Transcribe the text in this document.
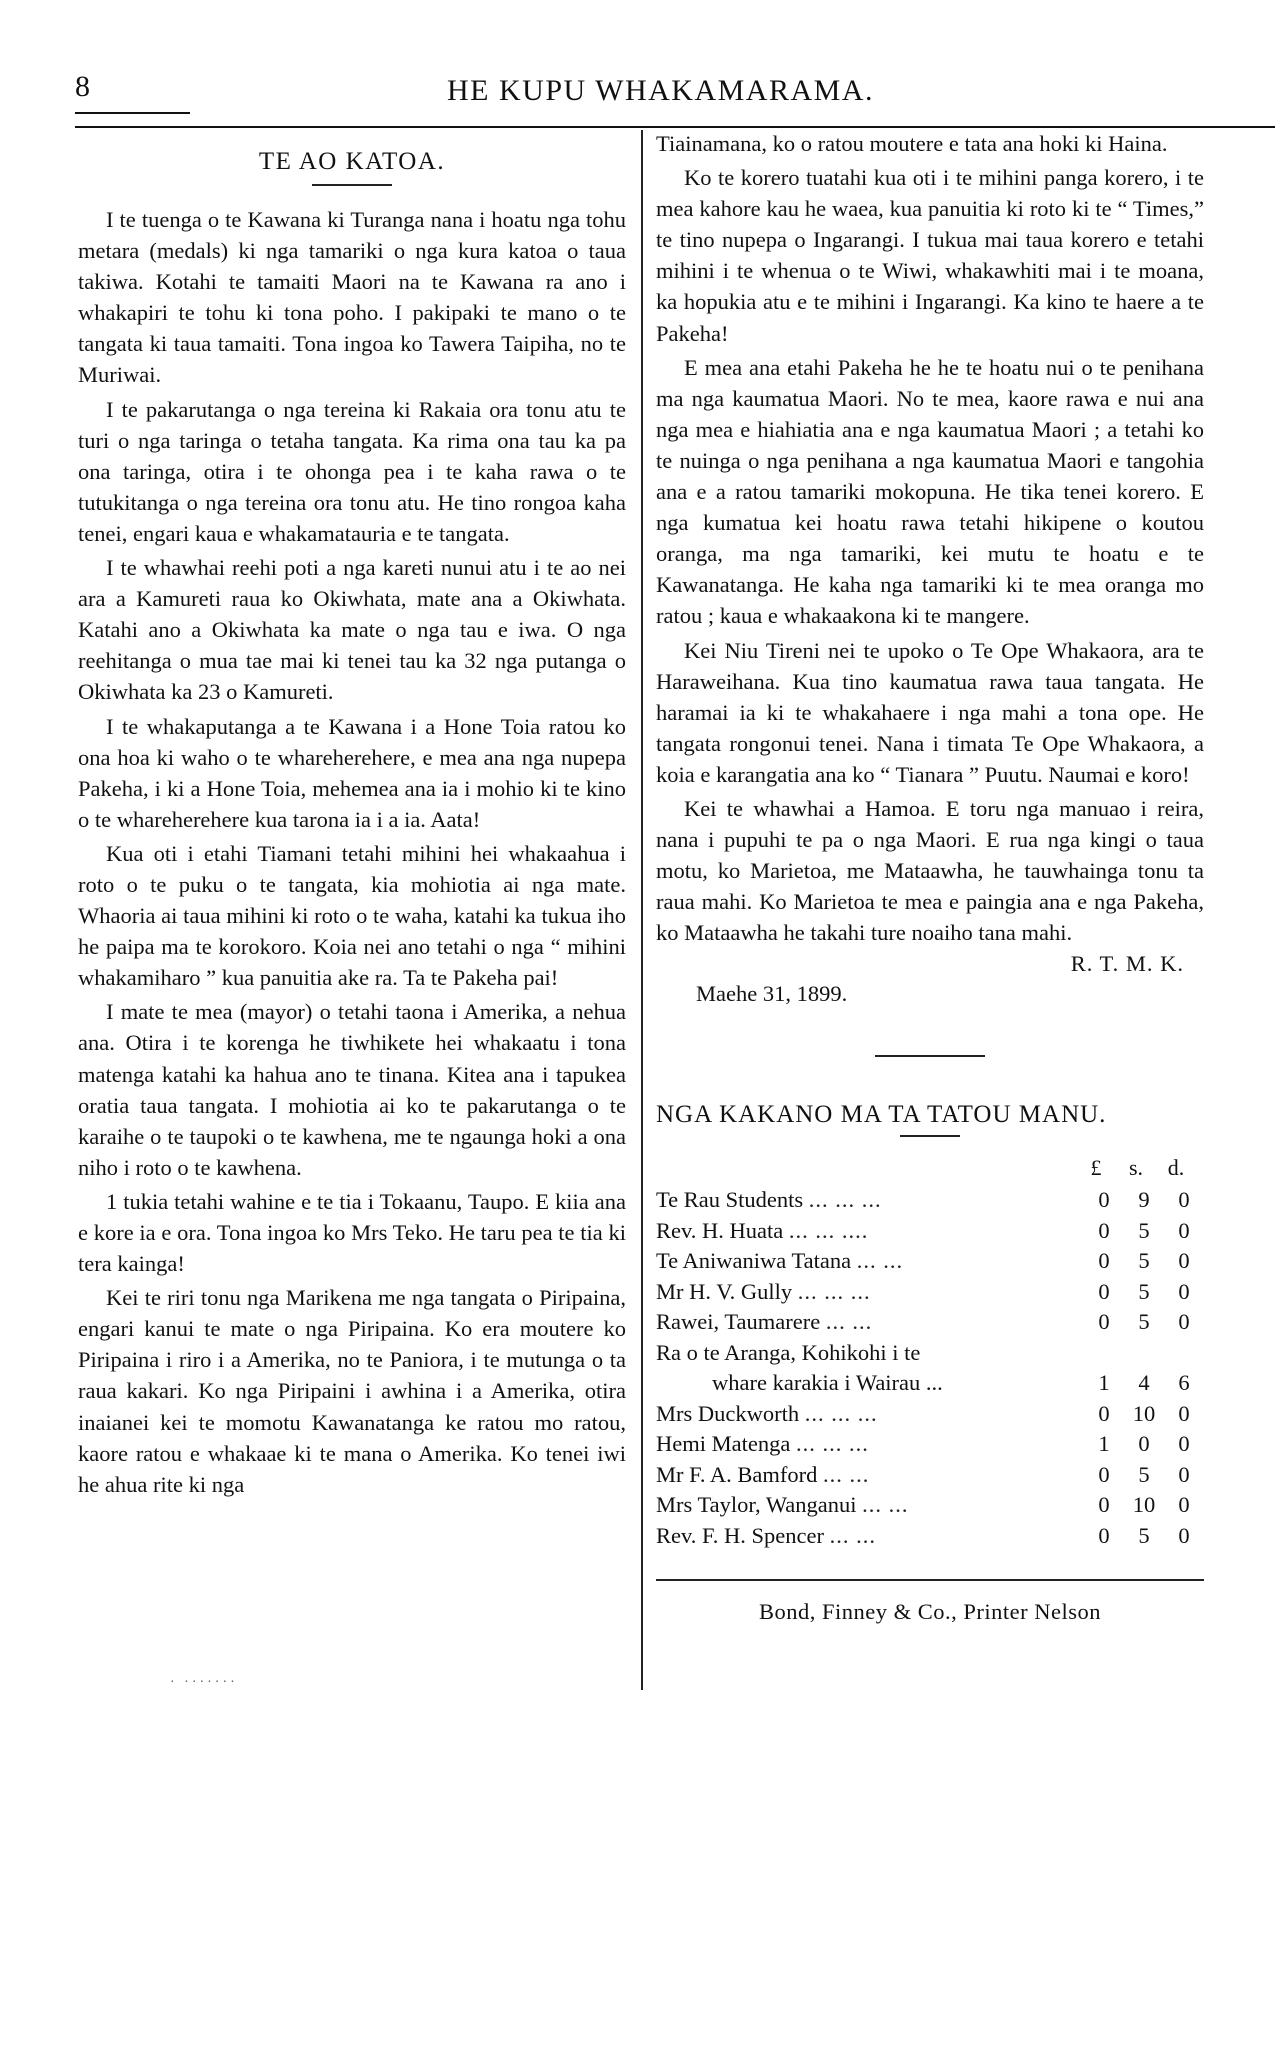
8	HE KUPU WHAKAMARAMA.
TE AO KATOA.

I te tuenga o te Kawana ki Turanga nana i hoatu nga tohu metara (medals) ki nga tamariki o nga kura katoa o taua takiwa. Kotahi te tamaiti Maori na te Kawana ra ano i whakapiri te tohu ki tona poho. I pakipaki te mano o te tangata ki taua tamaiti. Tona ingoa ko Tawera Taipiha, no te Muriwai.

I te pakarutanga o nga tereina ki Rakaia ora tonu atu te turi o nga taringa o tetaha tangata. Ka rima ona tau ka pa ona taringa, otira i te ohonga pea i te kaha rawa o te tutukitanga o nga tereina ora tonu atu. He tino rongoa kaha tenei, engari kaua e whakamatauria e te tangata.

I te whawhai reehi poti a nga kareti nunui atu i te ao nei ara a Kamureti raua ko Okiwhata, mate ana a Okiwhata. Katahi ano a Okiwhata ka mate o nga tau e iwa. O nga reehitanga o mua tae mai ki tenei tau ka 32 nga putanga o Okiwhata ka 23 o Kamureti.

I te whakaputanga a te Kawana i a Hone Toia ratou ko ona hoa ki waho o te whareherehere, e mea ana nga nupepa Pakeha, i ki a Hone Toia, mehemea ana ia i mohio ki te kino o te whareherehere kua tarona ia i a ia. Aata!

Kua oti i etahi Tiamani tetahi mihini hei whakaahua i roto o te puku o te tangata, kia mohiotia ai nga mate. Whaoria ai taua mihini ki roto o te waha, katahi ka tukua iho he paipa ma te korokoro. Koia nei ano tetahi o nga “ mihini whakamiharo ” kua panuitia ake ra. Ta te Pakeha pai!

I mate te mea (mayor) o tetahi taona i Amerika, a nehua ana. Otira i te korenga he tiwhikete hei whakaatu i tona matenga katahi ka hahua ano te tinana. Kitea ana i tapukea oratia taua tangata. I mohiotia ai ko te pakarutanga o te karaihe o te taupoki o te kawhena, me te ngaunga hoki a ona niho i roto o te kawhena.

1 tukia tetahi wahine e te tia i Tokaanu, Taupo. E kiia ana e kore ia e ora. Tona ingoa ko Mrs Teko. He taru pea te tia ki tera kainga!

Kei te riri tonu nga Marikena me nga tangata o Piripaina, engari kanui te mate o nga Piripaina. Ko era moutere ko Piripaina i riro i a Amerika, no te Paniora, i te mutunga o ta raua kakari. Ko nga Piripaini i awhina i a Amerika, otira inaianei kei te momotu Kawanatanga ke ratou mo ratou, kaore ratou e whakaae ki te mana o Amerika. Ko tenei iwi he ahua rite ki nga

· ·······

Tiainamana, ko o ratou moutere e tata ana hoki ki Haina.

Ko te korero tuatahi kua oti i te mihini panga korero, i te mea kahore kau he waea, kua panuitia ki roto ki te “ Times,” te tino nupepa o Ingarangi. I tukua mai taua korero e tetahi mihini i te whenua o te Wiwi, whakawhiti mai i te moana, ka hopukia atu e te mihini i Ingarangi. Ka kino te haere a te Pakeha!

E mea ana etahi Pakeha he he te hoatu nui o te penihana ma nga kaumatua Maori. No te mea, kaore rawa e nui ana nga mea e hiahiatia ana e nga kaumatua Maori ; a tetahi ko te nuinga o nga penihana a nga kaumatua Maori e tangohia ana e a ratou tamariki mokopuna. He tika tenei korero. E nga kumatua kei hoatu rawa tetahi hikipene o koutou oranga, ma nga tamariki, kei mutu te hoatu e te Kawanatanga. He kaha nga tamariki ki te mea oranga mo ratou ; kaua e whakaakona ki te mangere.

Kei Niu Tireni nei te upoko o Te Ope Whakaora, ara te Haraweihana. Kua tino kaumatua rawa taua tangata. He haramai ia ki te whakahaere i nga mahi a tona ope. He tangata rongonui tenei. Nana i timata Te Ope Whakaora, a koia e karangatia ana ko “ Tianara ” Puutu. Naumai e koro!

Kei te whawhai a Hamoa. E toru nga manuao i reira, nana i pupuhi te pa o nga Maori. E rua nga kingi o taua motu, ko Marietoa, me Mataawha, he tauwhainga tonu ta raua mahi. Ko Marietoa te mea e paingia ana e nga Pakeha, ko Mataawha he takahi ture noaiho tana mahi.

R. T. M. K.
Maehe 31, 1899.
NGA KAKANO MA TA TATOU MANU.
£	s.	d.
Te Rau Students ... ... ...	0	9	0
Rev. H. Huata ... ... ....	0	5	0
Te Aniwaniwa Tatana ... ...	0	5	0
Mr H. V. Gully ... ... ...	0	5	0
Rawei, Taumarere ... ...	0	5	0
Ra o te Aranga, Kohikohi i te
whare karakia i Wairau ...	1	4	6
Mrs Duckworth ... ... ...	0	10	0
Hemi Matenga ... ... ...	1	0	0
Mr F. A. Bamford ... ...	0	5	0
Mrs Taylor, Wanganui ... ...	0	10	0
Rev. F. H. Spencer ... ...	0	5	0
Bond, Finney & Co., Printer Nelson
